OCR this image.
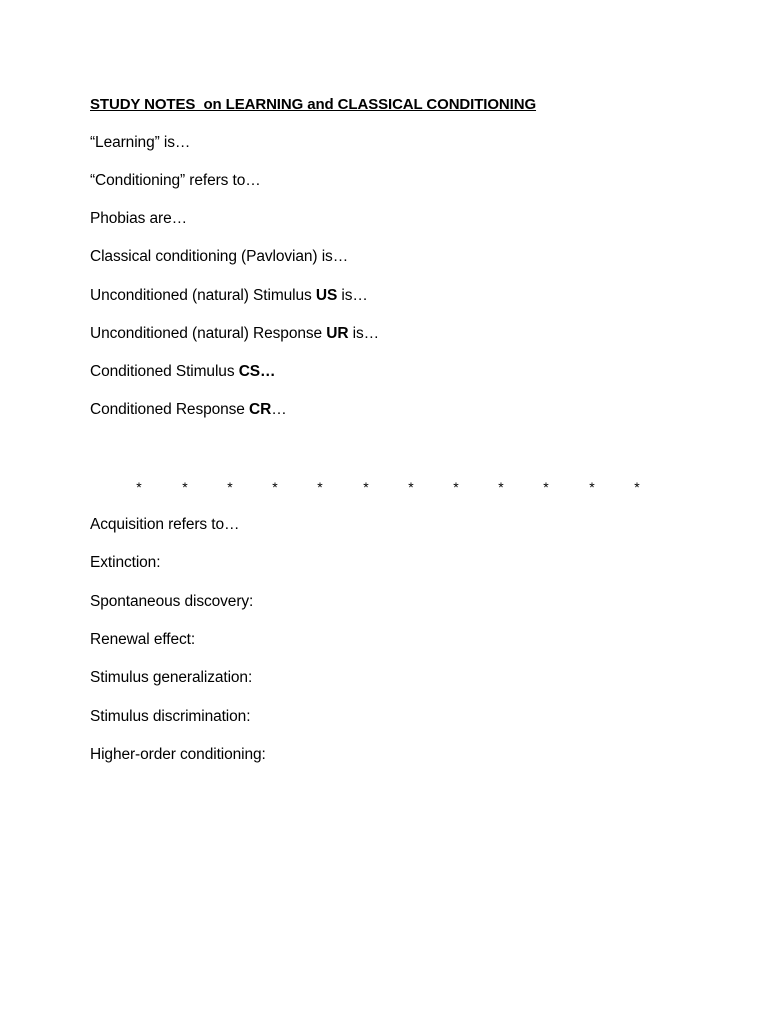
STUDY NOTES  on LEARNING and CLASSICAL CONDITIONING
“Learning” is…
“Conditioning” refers to…
Phobias are…
Classical conditioning (Pavlovian) is…
Unconditioned (natural) Stimulus US is…
Unconditioned (natural) Response UR is…
Conditioned Stimulus CS…
Conditioned Response CR…
*	*	*	*	*	*	*	*	*	*	*	*
Acquisition refers to…
Extinction:
Spontaneous discovery:
Renewal effect:
Stimulus generalization:
Stimulus discrimination:
Higher-order conditioning:
